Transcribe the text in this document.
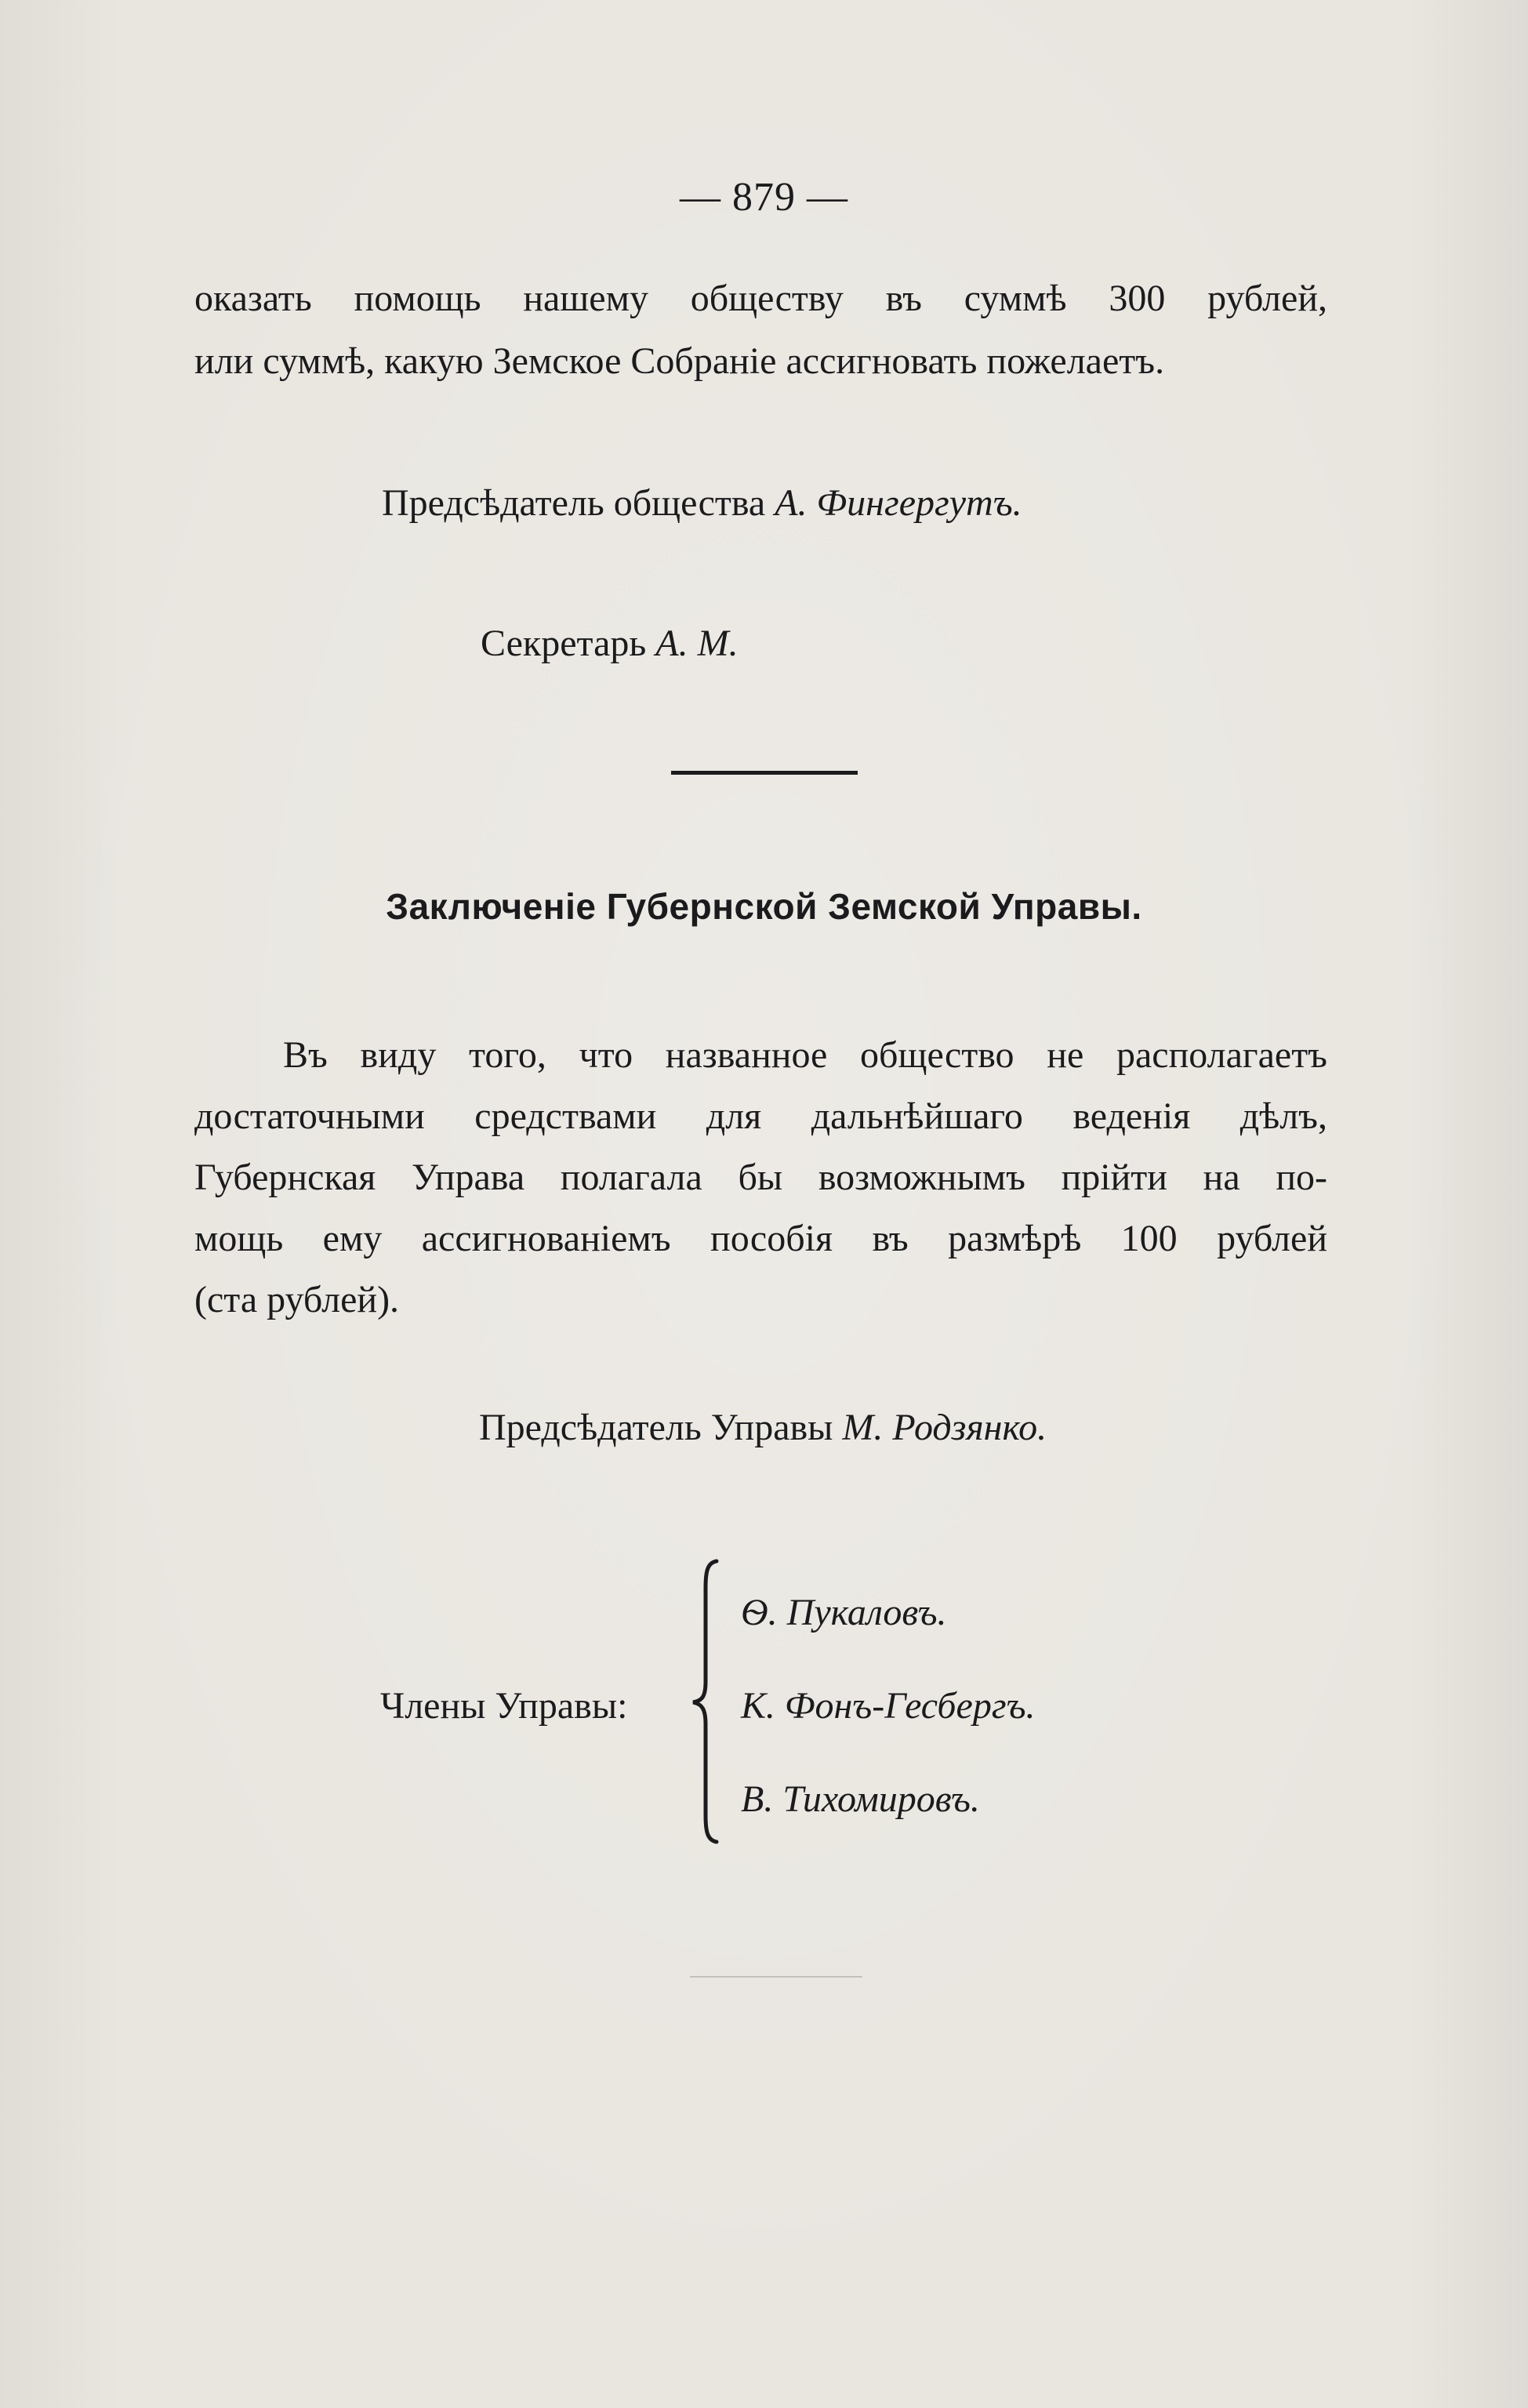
— 879 —
оказать помощь нашему обществу въ суммѣ 300 рублей,
или суммѣ, какую Земское Собраніе ассигновать пожелаетъ.
Предсѣдатель общества А. Фингергутъ.
Секретарь А. М.
Заключеніе Губернской Земской Управы.
Въ виду того, что названное общество не располагаетъ
достаточными средствами для дальнѣйшаго веденія дѣлъ,
Губернская Управа полагала бы возможнымъ прійти на по-
мощь ему ассигнованіемъ пособія въ размѣрѣ 100 рублей
(ста рублей).
Предсѣдатель Управы М. Родзянко.
Члены Управы:
Ѳ. Пукаловъ.
К. Фонъ-Гесбергъ.
В. Тихомировъ.
